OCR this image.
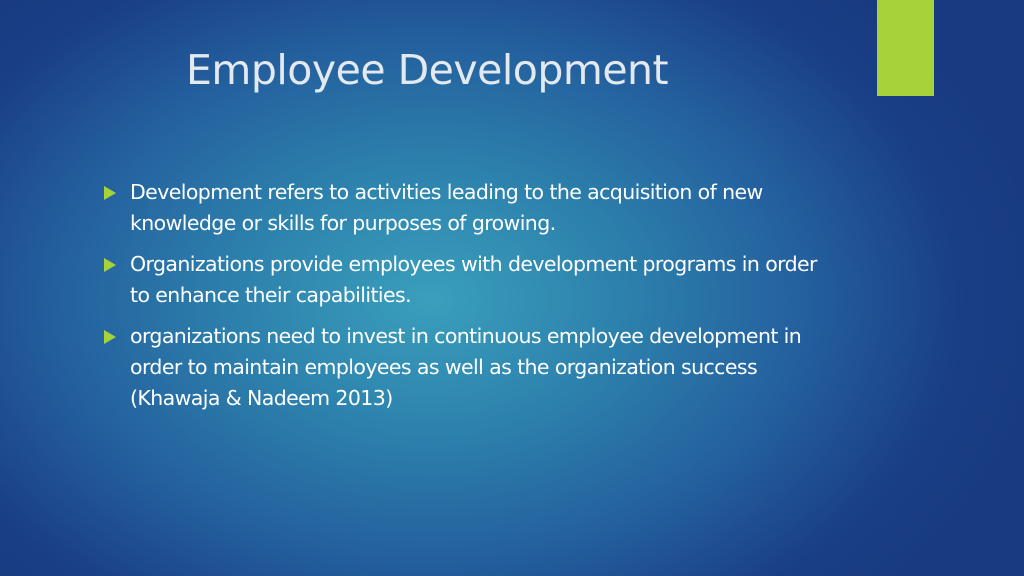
Employee Development
Development refers to activities leading to the acquisition of new knowledge or skills for purposes of growing.
Organizations provide employees with development programs in order to enhance their capabilities.
organizations need to invest in continuous employee development in order to maintain employees as well as the organization success (Khawaja & Nadeem 2013)
